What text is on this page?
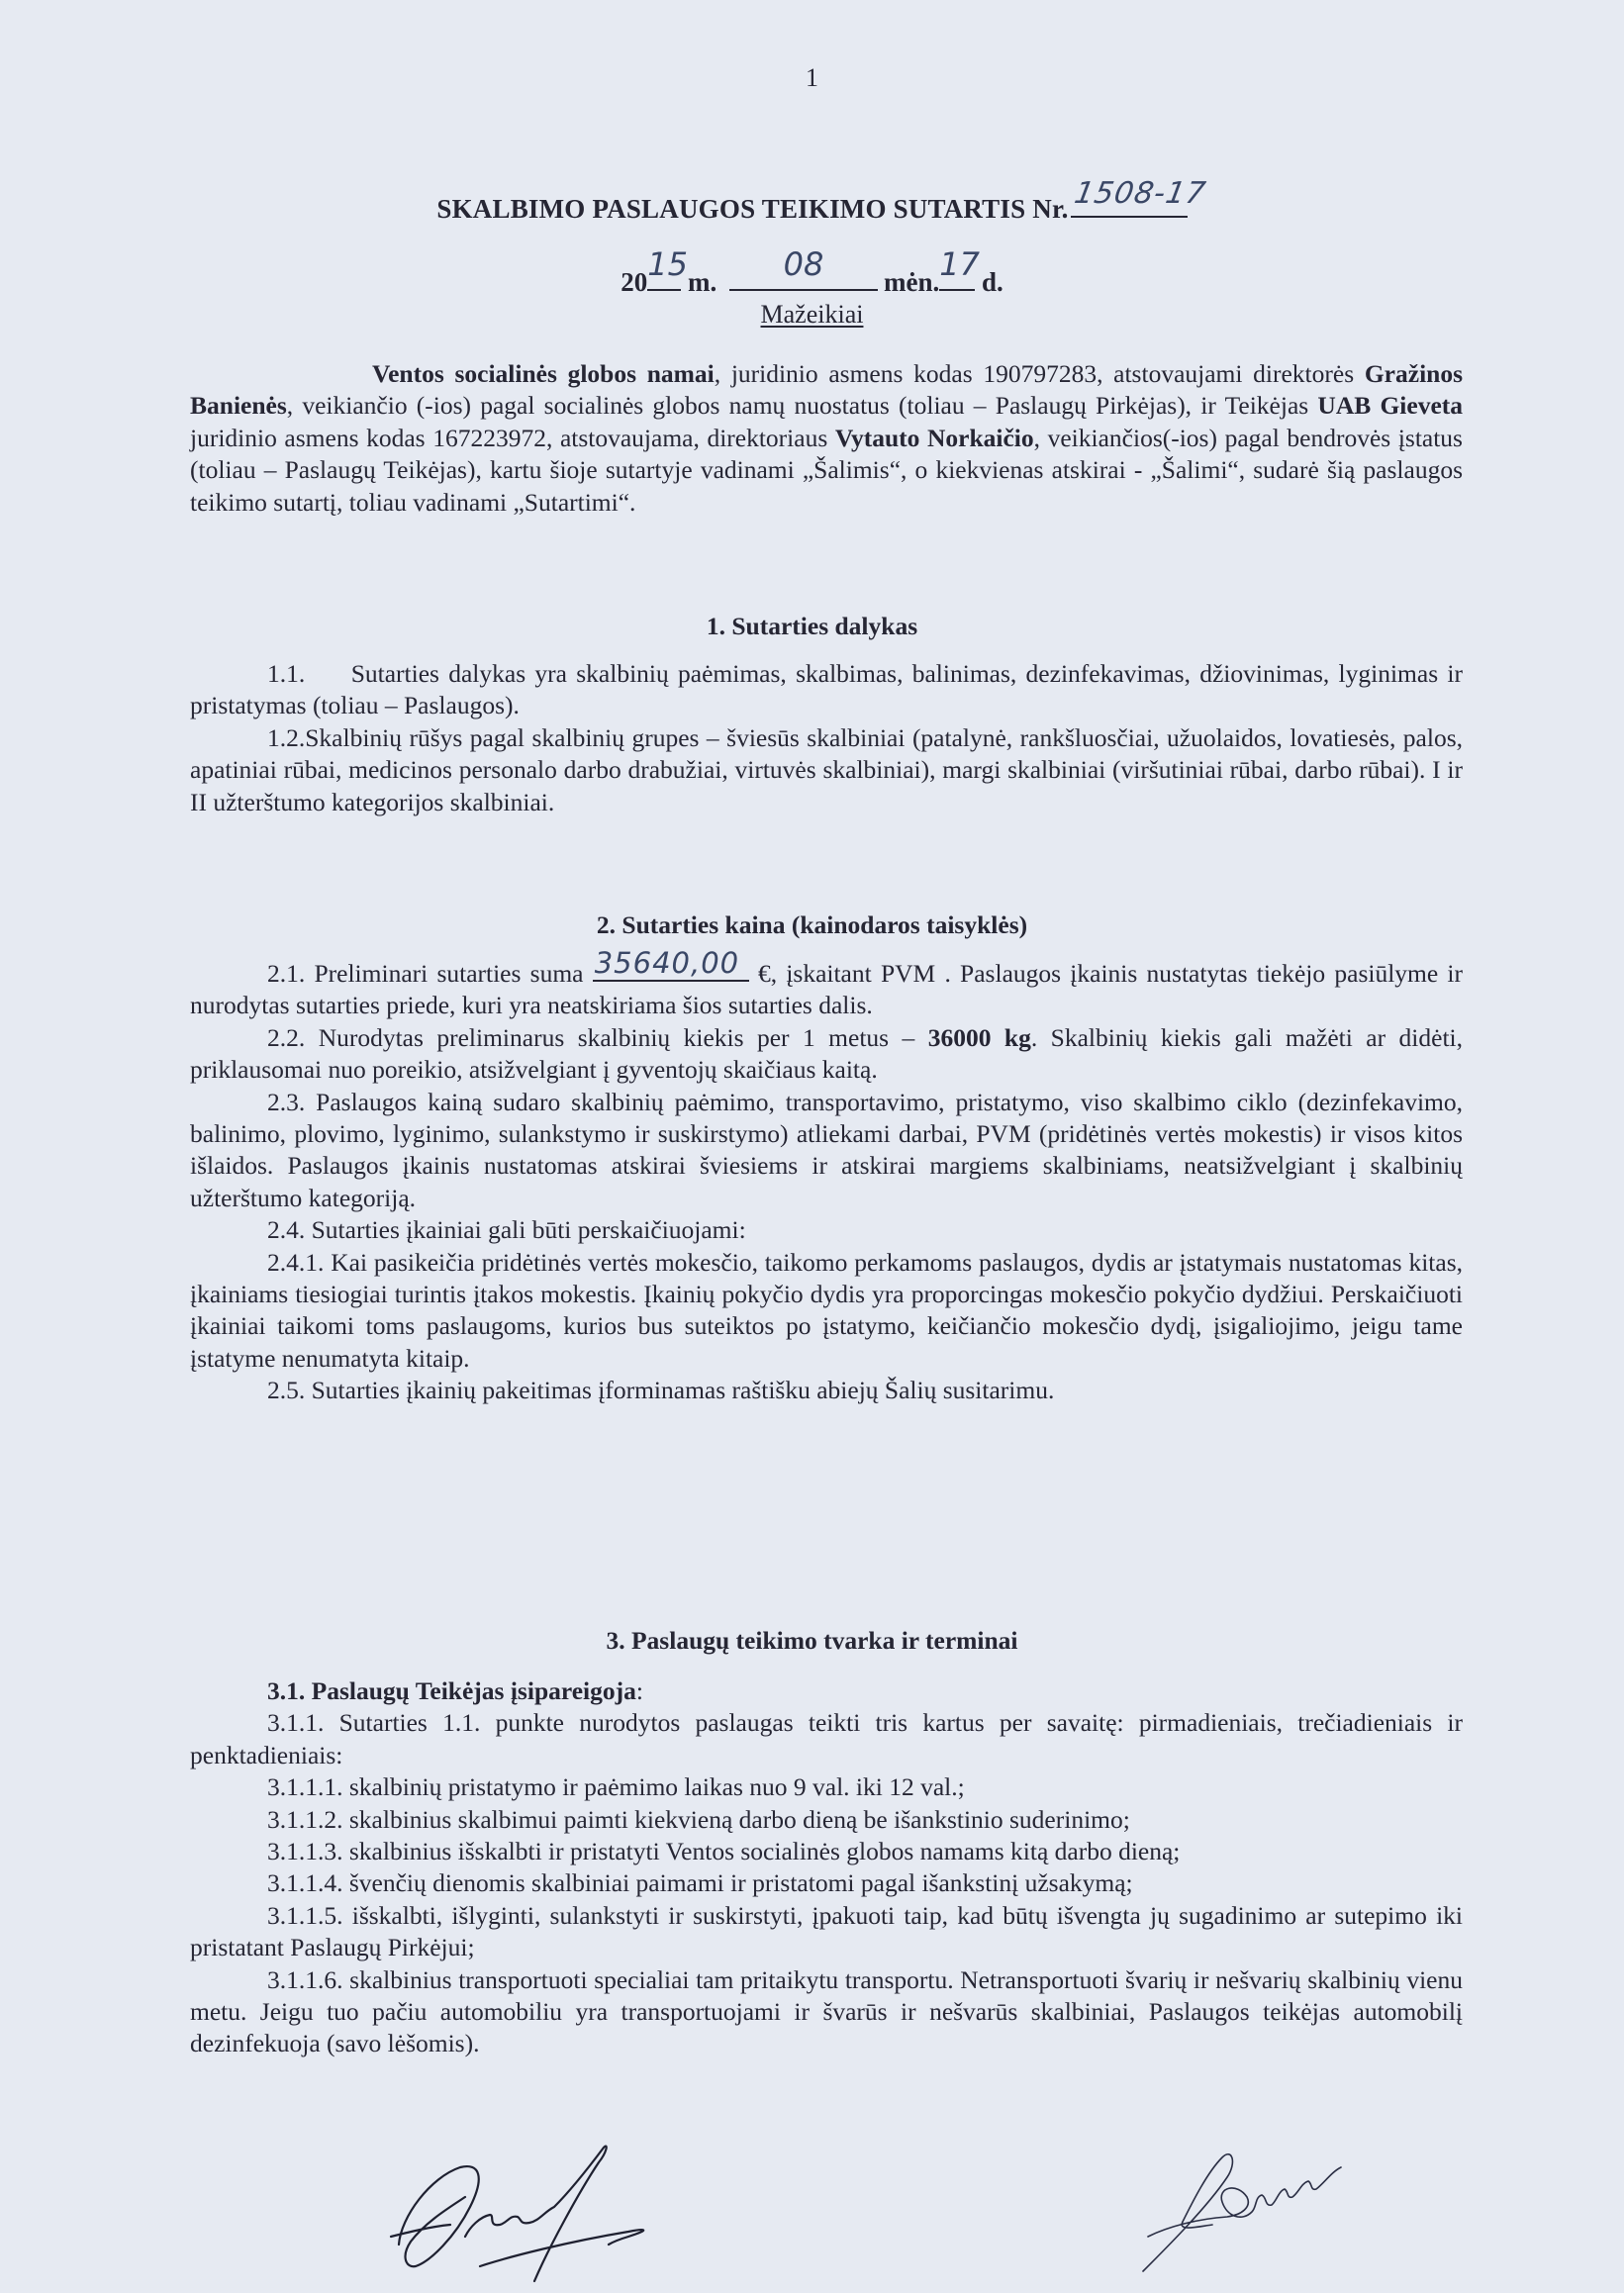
1
SKALBIMO PASLAUGOS TEIKIMO SUTARTIS Nr. 1508-17
20 15
m.	08	mėn. 17
d.
Mažeikiai

Ventos socialinės globos namai, juridinio asmens kodas 190797283, atstovaujami direktorės Gražinos Banienės, veikiančio (-ios) pagal socialinės globos namų nuostatus (toliau – Paslaugų Pirkėjas), ir Teikėjas UAB Gieveta juridinio asmens kodas 167223972, atstovaujama, direktoriaus Vytauto Norkaičio, veikiančios(-ios) pagal bendrovės įstatus (toliau – Paslaugų Teikėjas), kartu šioje sutartyje vadinami „Šalimis“, o kiekvienas atskirai - „Šalimi“, sudarė šią paslaugos teikimo sutartį, toliau vadinami „Sutartimi“.

1. Sutarties dalykas

1.1.     Sutarties dalykas yra skalbinių paėmimas, skalbimas, balinimas, dezinfekavimas, džiovinimas, lyginimas ir pristatymas (toliau – Paslaugos).

1.2.Skalbinių rūšys pagal skalbinių grupes – šviesūs skalbiniai (patalynė, rankšluosčiai, užuolaidos, lovatiesės, palos, apatiniai rūbai, medicinos personalo darbo drabužiai, virtuvės skalbiniai), margi skalbiniai (viršutiniai rūbai, darbo rūbai). I ir II užterštumo kategorijos skalbiniai.

2. Sutarties kaina (kainodaros taisyklės)

2.1. Preliminari sutarties suma 35640,00 €, įskaitant PVM . Paslaugos įkainis nustatytas tiekėjo pasiūlyme ir nurodytas sutarties priede, kuri yra neatskiriama šios sutarties dalis.

2.2. Nurodytas preliminarus skalbinių kiekis per 1 metus – 36000 kg. Skalbinių kiekis gali mažėti ar didėti, priklausomai nuo poreikio, atsižvelgiant į gyventojų skaičiaus kaitą.

2.3. Paslaugos kainą sudaro skalbinių paėmimo, transportavimo, pristatymo, viso skalbimo ciklo (dezinfekavimo, balinimo, plovimo, lyginimo, sulankstymo ir suskirstymo) atliekami darbai, PVM (pridėtinės vertės mokestis) ir visos kitos išlaidos. Paslaugos įkainis nustatomas atskirai šviesiems ir atskirai margiems skalbiniams, neatsižvelgiant į skalbinių užterštumo kategoriją.

2.4. Sutarties įkainiai gali būti perskaičiuojami:

2.4.1. Kai pasikeičia pridėtinės vertės mokesčio, taikomo perkamoms paslaugos, dydis ar įstatymais nustatomas kitas, įkainiams tiesiogiai turintis įtakos mokestis. Įkainių pokyčio dydis yra proporcingas mokesčio pokyčio dydžiui. Perskaičiuoti įkainiai taikomi toms paslaugoms, kurios bus suteiktos po įstatymo, keičiančio mokesčio dydį, įsigaliojimo, jeigu tame įstatyme nenumatyta kitaip.

2.5. Sutarties įkainių pakeitimas įforminamas raštišku abiejų Šalių susitarimu.

3. Paslaugų teikimo tvarka ir terminai

3.1. Paslaugų Teikėjas įsipareigoja:

3.1.1. Sutarties 1.1. punkte nurodytos paslaugas teikti tris kartus per savaitę: pirmadieniais, trečiadieniais ir penktadieniais:

3.1.1.1. skalbinių pristatymo ir paėmimo laikas nuo 9 val. iki 12 val.;

3.1.1.2. skalbinius skalbimui paimti kiekvieną darbo dieną be išankstinio suderinimo;

3.1.1.3. skalbinius išskalbti ir pristatyti Ventos socialinės globos namams kitą darbo dieną;

3.1.1.4. švenčių dienomis skalbiniai paimami ir pristatomi pagal išankstinį užsakymą;

3.1.1.5. išskalbti, išlyginti, sulankstyti ir suskirstyti, įpakuoti taip, kad būtų išvengta jų sugadinimo ar sutepimo iki pristatant Paslaugų Pirkėjui;

3.1.1.6. skalbinius transportuoti specialiai tam pritaikytu transportu. Netransportuoti švarių ir nešvarių skalbinių vienu metu. Jeigu tuo pačiu automobiliu yra transportuojami ir švarūs ir nešvarūs skalbiniai, Paslaugos teikėjas automobilį dezinfekuoja (savo lėšomis).
